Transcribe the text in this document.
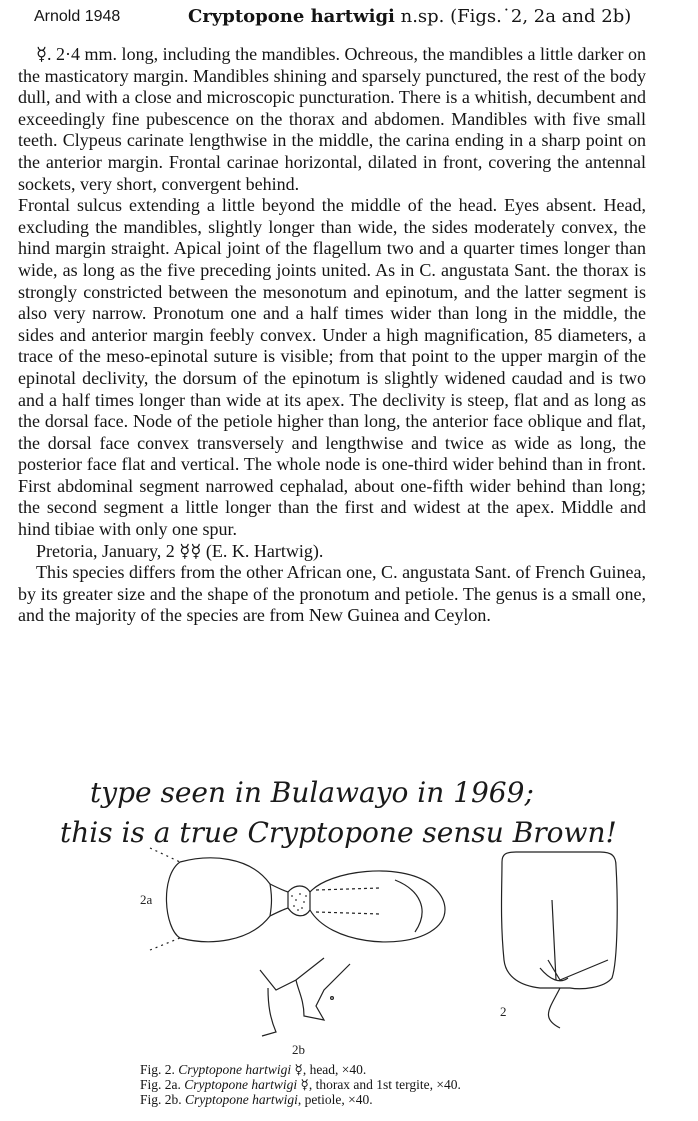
Arnold 1948	Cryptopone hartwigi n.sp. (Figs.˙2, 2a and 2b)

☿. 2·4 mm. long, including the mandibles. Ochreous, the mandibles a little darker on the masticatory margin. Mandibles shining and sparsely punctured, the rest of the body dull, and with a close and microscopic puncturation. There is a whitish, decumbent and exceedingly fine pubescence on the thorax and abdomen. Mandibles with five small teeth. Clypeus carinate lengthwise in the middle, the carina ending in a sharp point on the anterior margin. Frontal carinae horizontal, dilated in front, covering the antennal sockets, very short, convergent behind.

Frontal sulcus extending a little beyond the middle of the head. Eyes absent. Head, excluding the mandibles, slightly longer than wide, the sides moderately convex, the hind margin straight. Apical joint of the flagellum two and a quarter times longer than wide, as long as the five preceding joints united. As in C. angustata Sant. the thorax is strongly constricted between the mesonotum and epinotum, and the latter segment is also very narrow. Pronotum one and a half times wider than long in the middle, the sides and anterior margin feebly convex. Under a high magnification, 85 diameters, a trace of the meso-epinotal suture is visible; from that point to the upper margin of the epinotal declivity, the dorsum of the epinotum is slightly widened caudad and is two and a half times longer than wide at its apex. The declivity is steep, flat and as long as the dorsal face. Node of the petiole higher than long, the anterior face oblique and flat, the dorsal face convex transversely and lengthwise and twice as wide as long, the posterior face flat and vertical. The whole node is one-third wider behind than in front. First abdominal segment narrowed cephalad, about one-fifth wider behind than long; the second segment a little longer than the first and widest at the apex. Middle and hind tibiae with only one spur.

Pretoria, January, 2 ☿☿ (E. K. Hartwig).

This species differs from the other African one, C. angustata Sant. of French Guinea, by its greater size and the shape of the pronotum and petiole. The genus is a small one, and the majority of the species are from New Guinea and Ceylon.

type seen in Bulawayo in 1969;
this is a true Cryptopone sensu Brown!
2a
2
2b
Fig. 2. Cryptopone hartwigi ☿, head, ×40.
Fig. 2a. Cryptopone hartwigi ☿, thorax and 1st tergite, ×40.
Fig. 2b. Cryptopone hartwigi, petiole, ×40.
